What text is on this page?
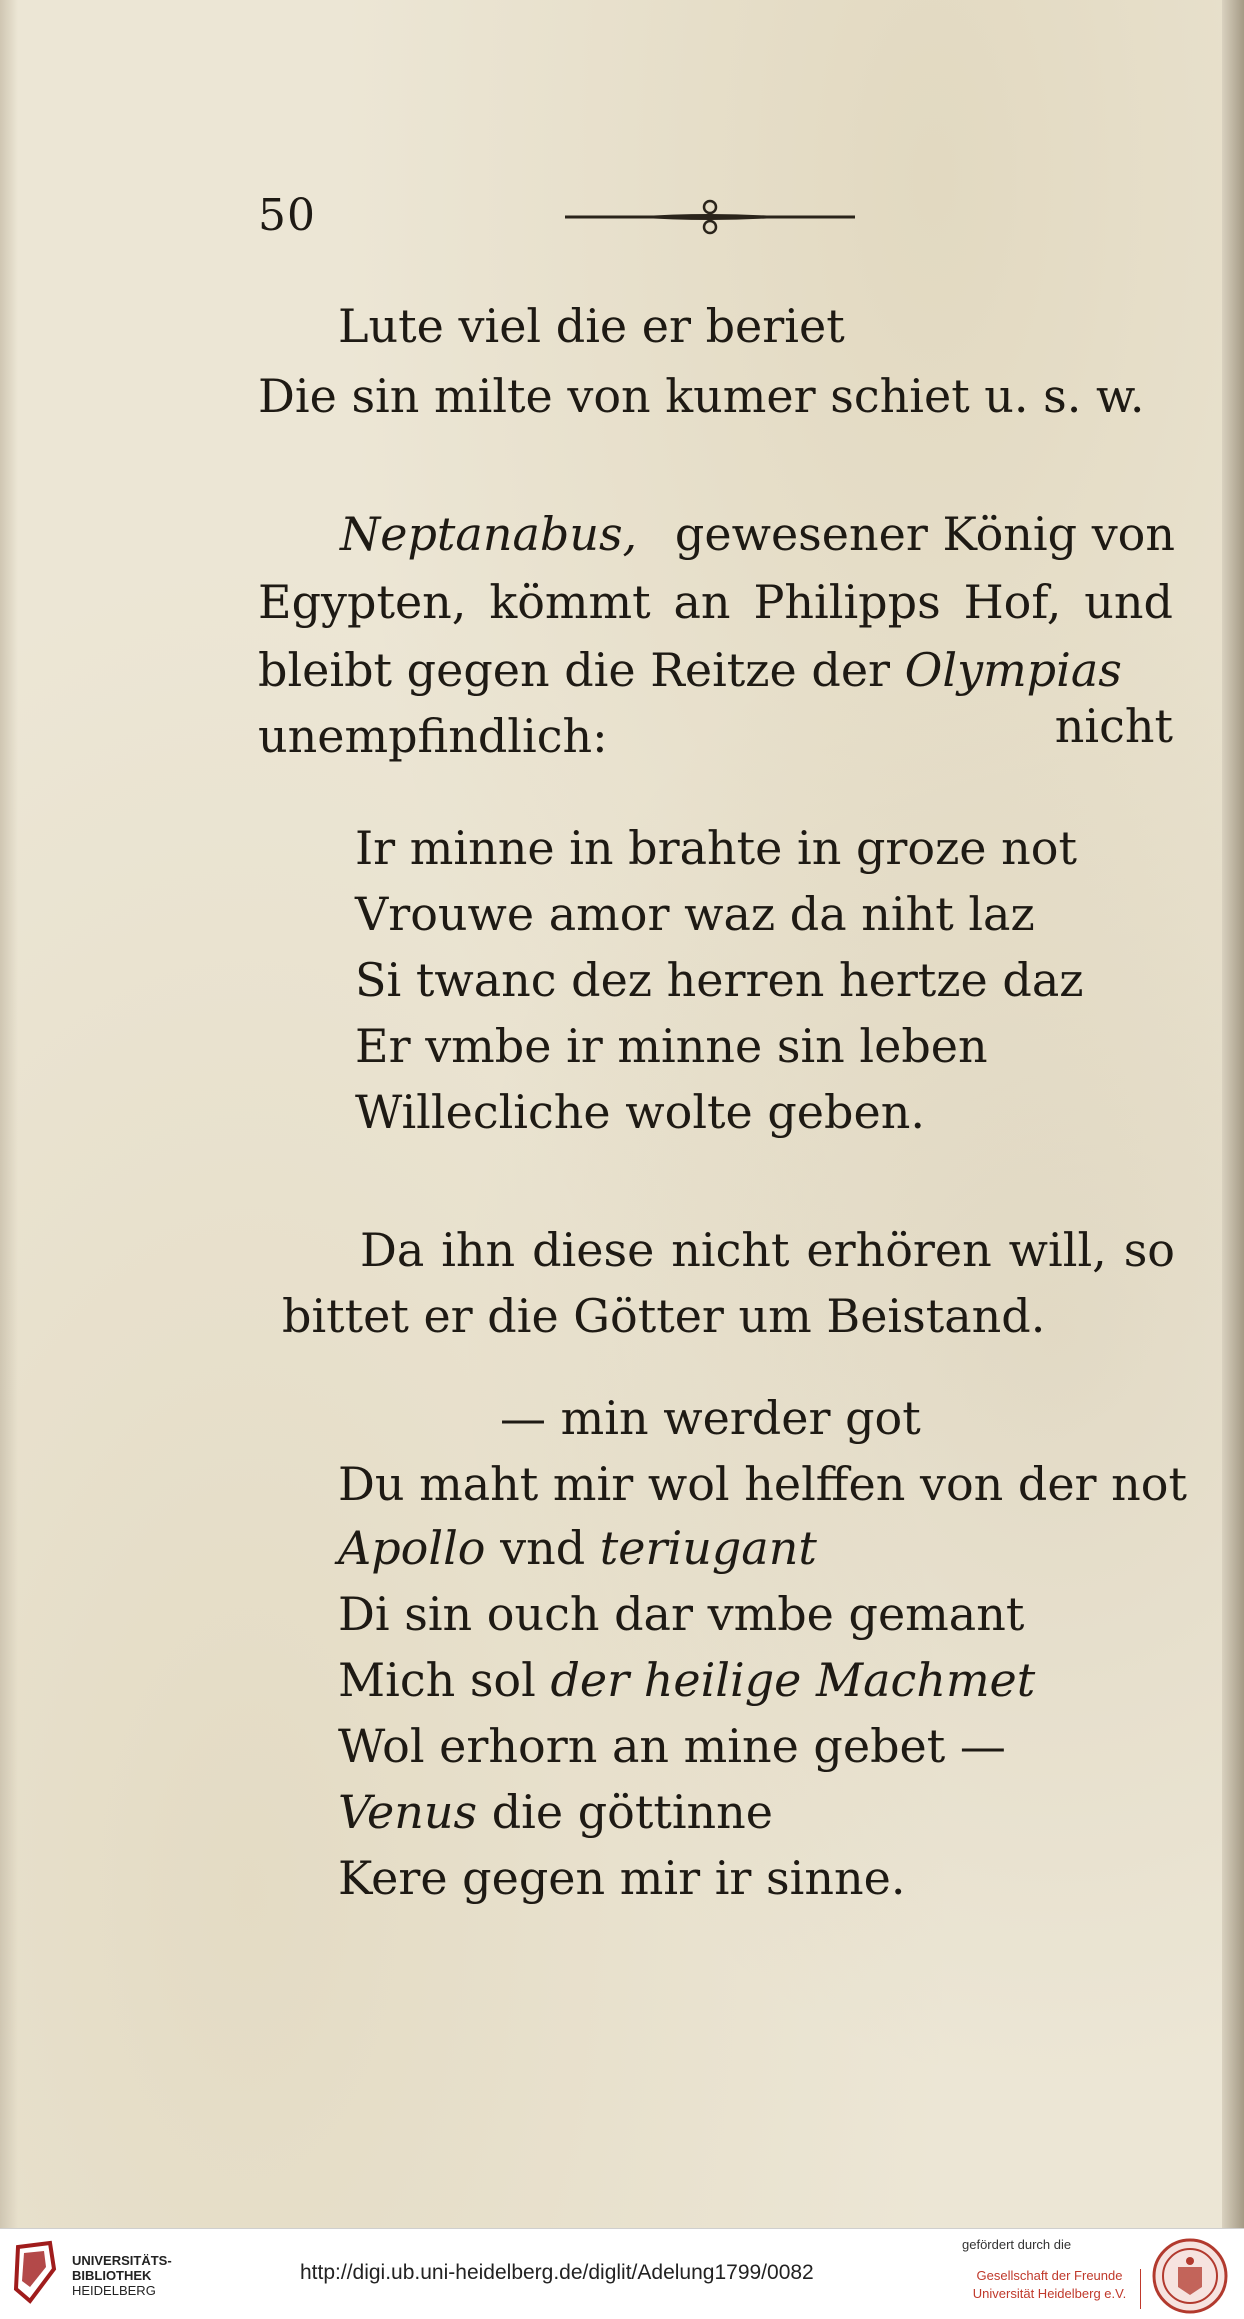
50
Lute viel die er beriet
Die sin milte von kumer schiet u. s. w.
Neptanabus, gewesener König von
Egypten, kömmt an Philipps Hof, und
bleibt gegen die Reitze der Olympias
nicht
unempfindlich:
Ir minne in brahte in groze not
Vrouwe amor waz da niht laz
Si twanc dez herren hertze daz
Er vmbe ir minne sin leben
Willecliche wolte geben.
Da ihn diese nicht erhören will, so
bittet er die Götter um Beistand.
— min werder got
Du maht mir wol helffen von der not
Apollo vnd teriugant
Di sin ouch dar vmbe gemant
Mich sol der heilige Machmet
Wol erhorn an mine gebet —
Venus die göttinne
Kere gegen mir ir sinne.
UNIVERSITÄTS-
BIBLIOTHEK
HEIDELBERG
http://digi.ub.uni-heidelberg.de/diglit/Adelung1799/0082
gefördert durch die
Gesellschaft der Freunde
Universität Heidelberg e.V.
